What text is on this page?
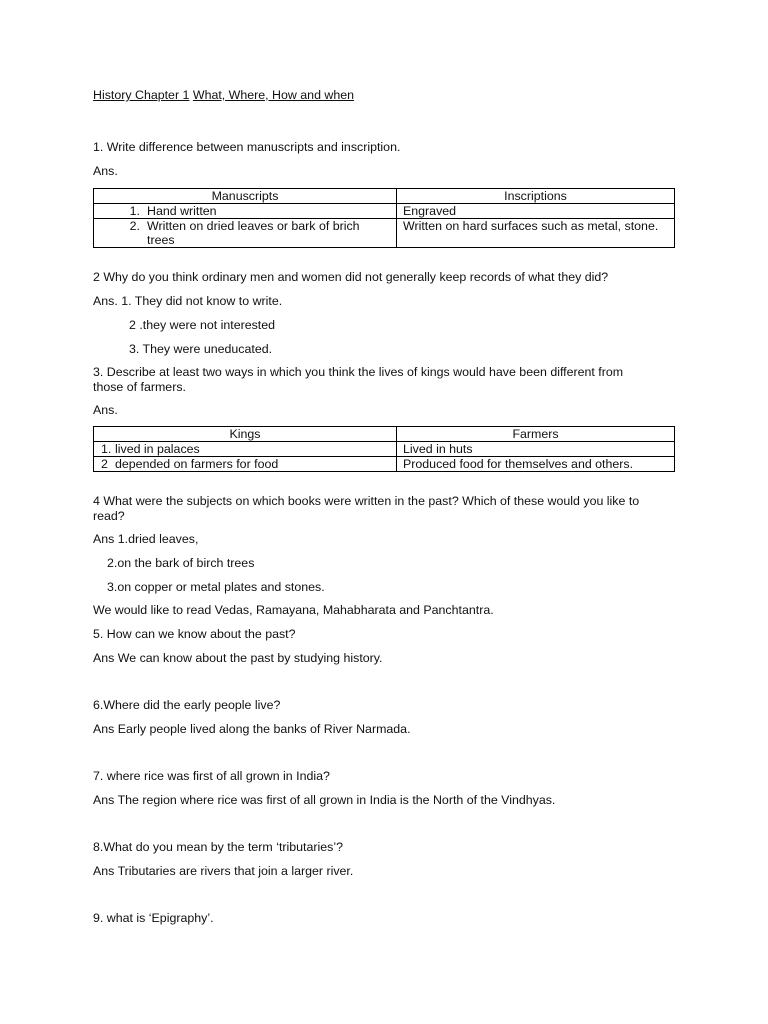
History Chapter 1 What, Where, How and when
1. Write difference between manuscripts and inscription.
Ans.
Manuscripts	Inscriptions

1. Hand written	Engraved

2. Written on dried leaves or bark of brich trees	Written on hard surfaces such as metal, stone.
2 Why do you think ordinary men and women did not generally keep records of what they did?
Ans. 1. They did not know to write.
2 .they were not interested
3. They were uneducated.
3. Describe at least two ways in which you think the lives of kings would have been different from
those of farmers.
Ans.
Kings	Farmers

1. lived in palaces	Lived in huts

2 depended on farmers for food	Produced food for themselves and others.
4 What were the subjects on which books were written in the past? Which of these would you like to
read?
Ans 1.dried leaves,
2.on the bark of birch trees
3.on copper or metal plates and stones.
We would like to read Vedas, Ramayana, Mahabharata and Panchtantra.
5. How can we know about the past?
Ans We can know about the past by studying history.
6.Where did the early people live?
Ans Early people lived along the banks of River Narmada.
7. where rice was first of all grown in India?
Ans The region where rice was first of all grown in India is the North of the Vindhyas.
8.What do you mean by the term ‘tributaries’?
Ans Tributaries are rivers that join a larger river.
9. what is ‘Epigraphy’.
